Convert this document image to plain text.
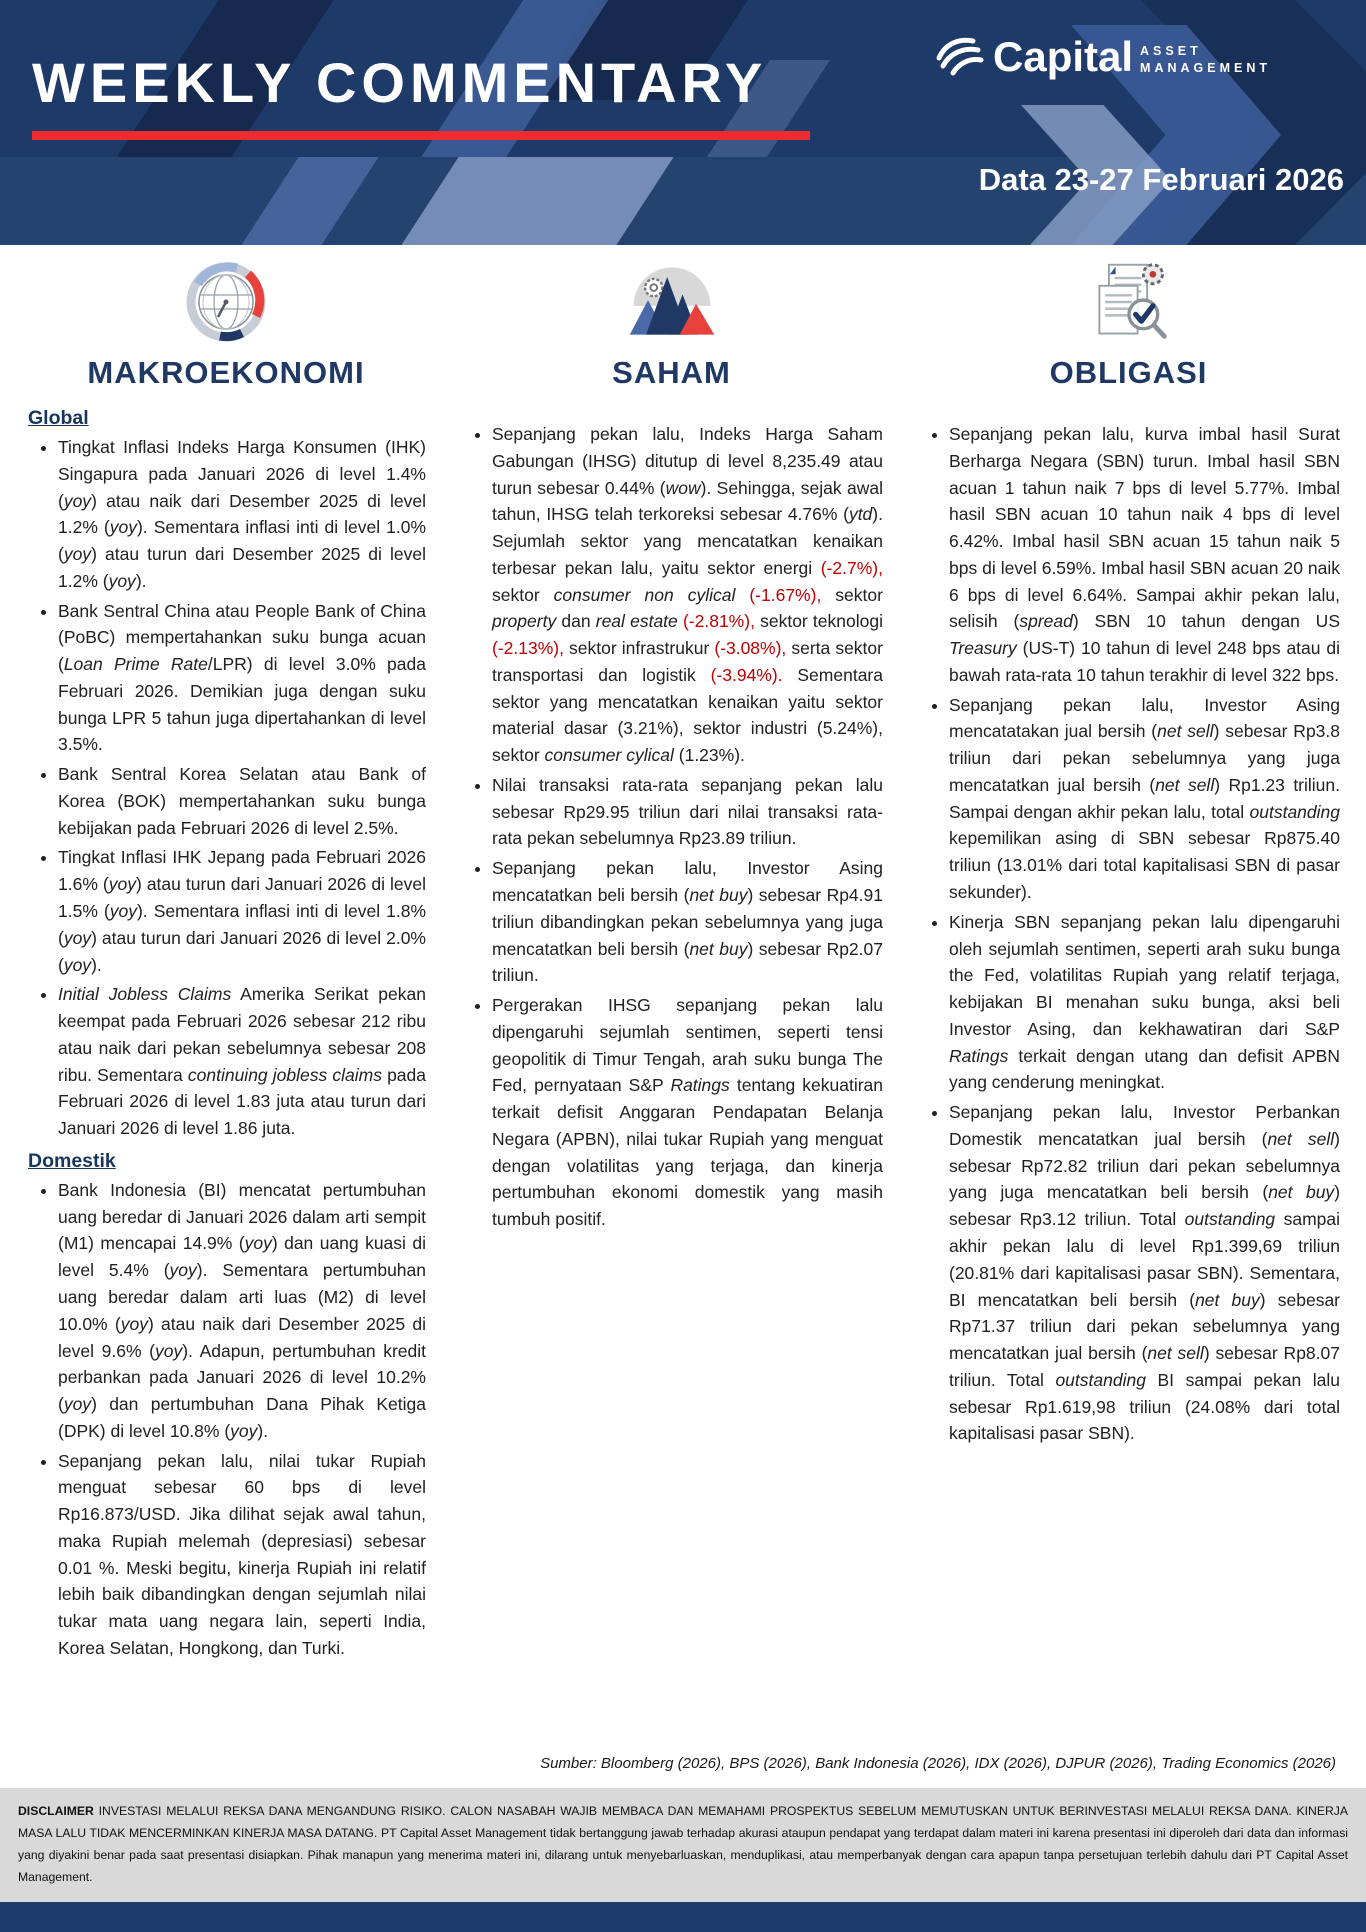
WEEKLY COMMENTARY	Capital ASSET
MANAGEMENT
Data 23-27 Februari 2026
MAKROEKONOMI
Global
• Tingkat Inflasi Indeks Harga Konsumen (IHK) Singapura pada Januari 2026 di level 1.4% (yoy) atau naik dari Desember 2025 di level 1.2% (yoy). Sementara inflasi inti di level 1.0% (yoy) atau turun dari Desember 2025 di level 1.2% (yoy).
• Bank Sentral China atau People Bank of China (PoBC) mempertahankan suku bunga acuan (Loan Prime Rate/LPR) di level 3.0% pada Februari 2026. Demikian juga dengan suku bunga LPR 5 tahun juga dipertahankan di level 3.5%.
• Bank Sentral Korea Selatan atau Bank of Korea (BOK) mempertahankan suku bunga kebijakan pada Februari 2026 di level 2.5%.
• Tingkat Inflasi IHK Jepang pada Februari 2026 1.6% (yoy) atau turun dari Januari 2026 di level 1.5% (yoy). Sementara inflasi inti di level 1.8% (yoy) atau turun dari Januari 2026 di level 2.0% (yoy).
• Initial Jobless Claims Amerika Serikat pekan keempat pada Februari 2026 sebesar 212 ribu atau naik dari pekan sebelumnya sebesar 208 ribu. Sementara continuing jobless claims pada Februari 2026 di level 1.83 juta atau turun dari Januari 2026 di level 1.86 juta.
Domestik
• Bank Indonesia (BI) mencatat pertumbuhan uang beredar di Januari 2026 dalam arti sempit (M1) mencapai 14.9% (yoy) dan uang kuasi di level 5.4% (yoy). Sementara pertumbuhan uang beredar dalam arti luas (M2) di level 10.0% (yoy) atau naik dari Desember 2025 di level 9.6% (yoy). Adapun, pertumbuhan kredit perbankan pada Januari 2026 di level 10.2% (yoy) dan pertumbuhan Dana Pihak Ketiga (DPK) di level 10.8% (yoy).
• Sepanjang pekan lalu, nilai tukar Rupiah menguat sebesar 60 bps di level Rp16.873/USD. Jika dilihat sejak awal tahun, maka Rupiah melemah (depresiasi) sebesar 0.01 %. Meski begitu, kinerja Rupiah ini relatif lebih baik dibandingkan dengan sejumlah nilai tukar mata uang negara lain, seperti India, Korea Selatan, Hongkong, dan Turki.
SAHAM
• Sepanjang pekan lalu, Indeks Harga Saham Gabungan (IHSG) ditutup di level 8,235.49 atau turun sebesar 0.44% (wow). Sehingga, sejak awal tahun, IHSG telah terkoreksi sebesar 4.76% (ytd). Sejumlah sektor yang mencatatkan kenaikan terbesar pekan lalu, yaitu sektor energi (-2.7%), sektor consumer non cylical (-1.67%), sektor property dan real estate (-2.81%), sektor teknologi (-2.13%), sektor infrastrukur (-3.08%), serta sektor transportasi dan logistik (-3.94%). Sementara sektor yang mencatatkan kenaikan yaitu sektor material dasar (3.21%), sektor industri (5.24%), sektor consumer cylical (1.23%).
• Nilai transaksi rata-rata sepanjang pekan lalu sebesar Rp29.95 triliun dari nilai transaksi rata-rata pekan sebelumnya Rp23.89 triliun.
• Sepanjang pekan lalu, Investor Asing mencatatkan beli bersih (net buy) sebesar Rp4.91 triliun dibandingkan pekan sebelumnya yang juga mencatatkan beli bersih (net buy) sebesar Rp2.07 triliun.
• Pergerakan IHSG sepanjang pekan lalu dipengaruhi sejumlah sentimen, seperti tensi geopolitik di Timur Tengah, arah suku bunga The Fed, pernyataan S&P Ratings tentang kekuatiran terkait defisit Anggaran Pendapatan Belanja Negara (APBN), nilai tukar Rupiah yang menguat dengan volatilitas yang terjaga, dan kinerja pertumbuhan ekonomi domestik yang masih tumbuh positif.
OBLIGASI
• Sepanjang pekan lalu, kurva imbal hasil Surat Berharga Negara (SBN) turun. Imbal hasil SBN acuan 1 tahun naik 7 bps di level 5.77%. Imbal hasil SBN acuan 10 tahun naik 4 bps di level 6.42%. Imbal hasil SBN acuan 15 tahun naik 5 bps di level 6.59%. Imbal hasil SBN acuan 20 naik 6 bps di level 6.64%. Sampai akhir pekan lalu, selisih (spread) SBN 10 tahun dengan US Treasury (US-T) 10 tahun di level 248 bps atau di bawah rata-rata 10 tahun terakhir di level 322 bps.
• Sepanjang pekan lalu, Investor Asing mencatatakan jual bersih (net sell) sebesar Rp3.8 triliun dari pekan sebelumnya yang juga mencatatkan jual bersih (net sell) Rp1.23 triliun. Sampai dengan akhir pekan lalu, total outstanding kepemilikan asing di SBN sebesar Rp875.40 triliun (13.01% dari total kapitalisasi SBN di pasar sekunder).
• Kinerja SBN sepanjang pekan lalu dipengaruhi oleh sejumlah sentimen, seperti arah suku bunga the Fed, volatilitas Rupiah yang relatif terjaga, kebijakan BI menahan suku bunga, aksi beli Investor Asing, dan kekhawatiran dari S&P Ratings terkait dengan utang dan defisit APBN yang cenderung meningkat.
• Sepanjang pekan lalu, Investor Perbankan Domestik mencatatkan jual bersih (net sell) sebesar Rp72.82 triliun dari pekan sebelumnya yang juga mencatatkan beli bersih (net buy) sebesar Rp3.12 triliun. Total outstanding sampai akhir pekan lalu di level Rp1.399,69 triliun (20.81% dari kapitalisasi pasar SBN). Sementara, BI mencatatkan beli bersih (net buy) sebesar Rp71.37 triliun dari pekan sebelumnya yang mencatatkan jual bersih (net sell) sebesar Rp8.07 triliun. Total outstanding BI sampai pekan lalu sebesar Rp1.619,98 triliun (24.08% dari total kapitalisasi pasar SBN).
Sumber: Bloomberg (2026), BPS (2026), Bank Indonesia (2026), IDX (2026), DJPUR (2026), Trading Economics (2026)
DISCLAIMER INVESTASI MELALUI REKSA DANA MENGANDUNG RISIKO. CALON NASABAH WAJIB MEMBACA DAN MEMAHAMI PROSPEKTUS SEBELUM MEMUTUSKAN UNTUK BERINVESTASI MELALUI REKSA DANA. KINERJA MASA LALU TIDAK MENCERMINKAN KINERJA MASA DATANG. PT Capital Asset Management tidak bertanggung jawab terhadap akurasi ataupun pendapat yang terdapat dalam materi ini karena presentasi ini diperoleh dari data dan informasi yang diyakini benar pada saat presentasi disiapkan. Pihak manapun yang menerima materi ini, dilarang untuk menyebarluaskan, menduplikasi, atau memperbanyak dengan cara apapun tanpa persetujuan terlebih dahulu dari PT Capital Asset Management.
